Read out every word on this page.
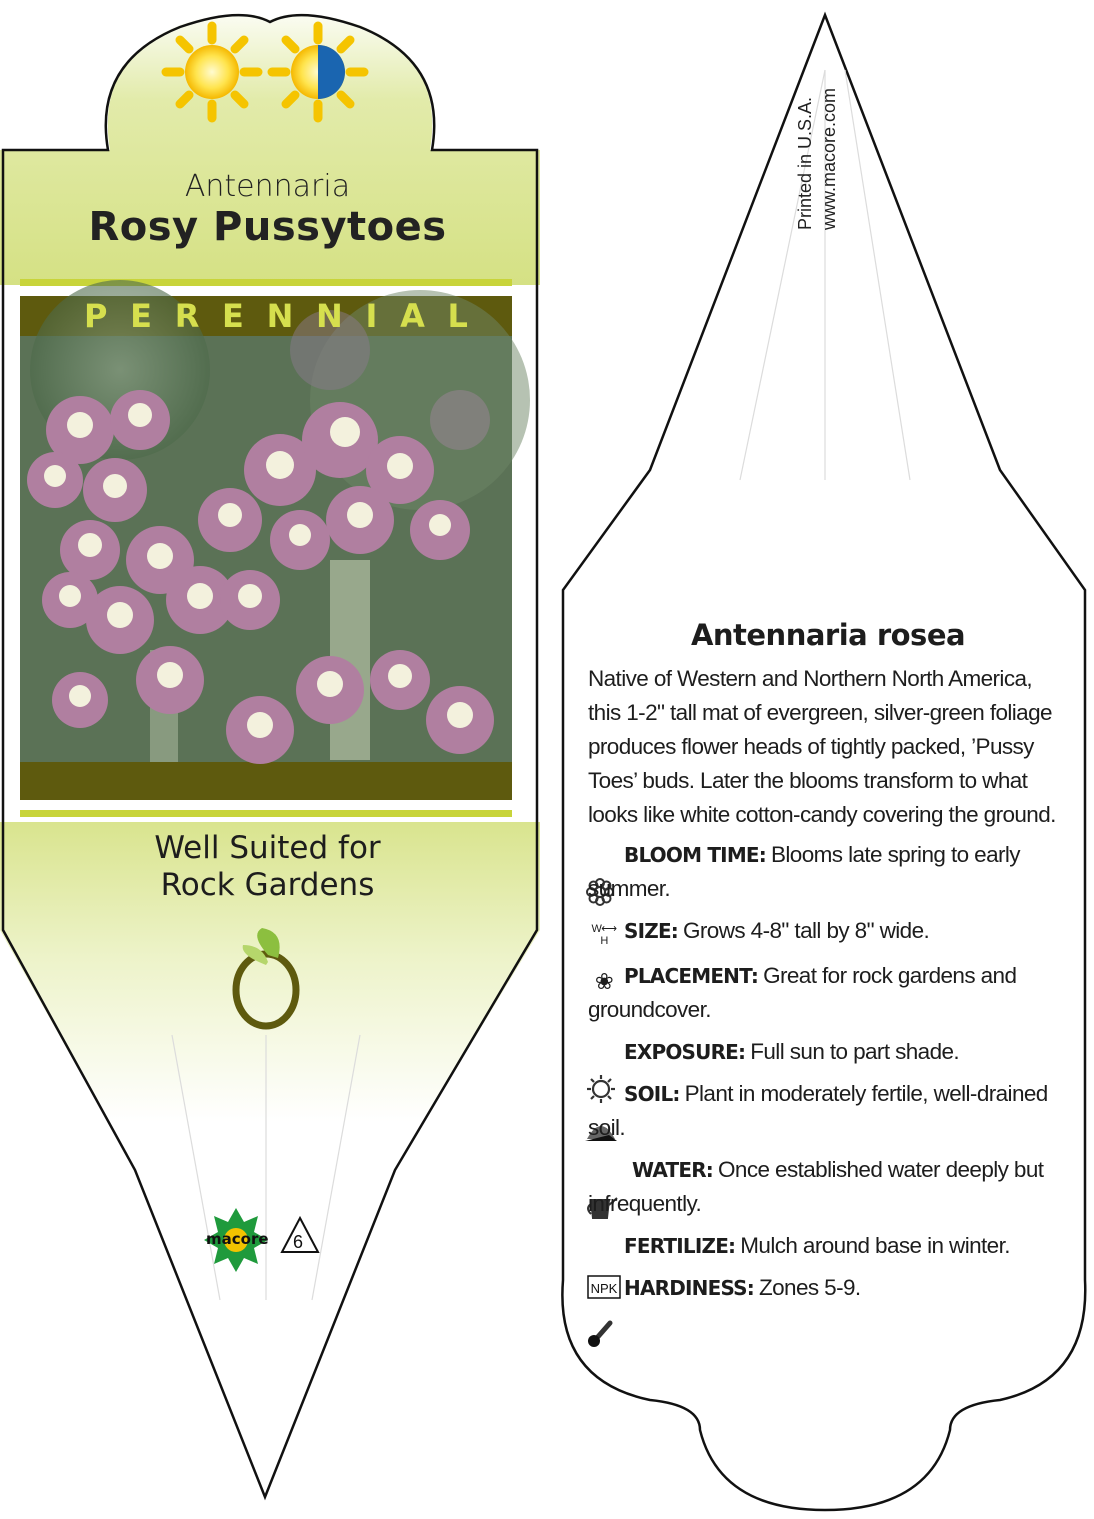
NPK
Antennaria
Rosy Pussytoes
P E R E N N I A L
Well Suited for
Rock Gardens
macore 6
Printed in U.S.A. www.macore.com
Antennaria rosea
Native of Western and Northern North America, this 1-2" tall mat of evergreen, silver-green foliage produces flower heads of tightly packed, ’Pussy Toes’ buds. Later the blooms transform to what looks like white cotton-candy covering the ground.
BLOOM TIME: Blooms late spring to early summer.
W⟷
H SIZE: Grows 4-8" tall by 8" wide.
❀ PLACEMENT: Great for rock gardens and groundcover.
EXPOSURE: Full sun to part shade.
SOIL: Plant in moderately fertile, well-drained soil.
WATER: Once established water deeply but infrequently.
FERTILIZE: Mulch around base in winter.
HARDINESS: Zones 5-9.
